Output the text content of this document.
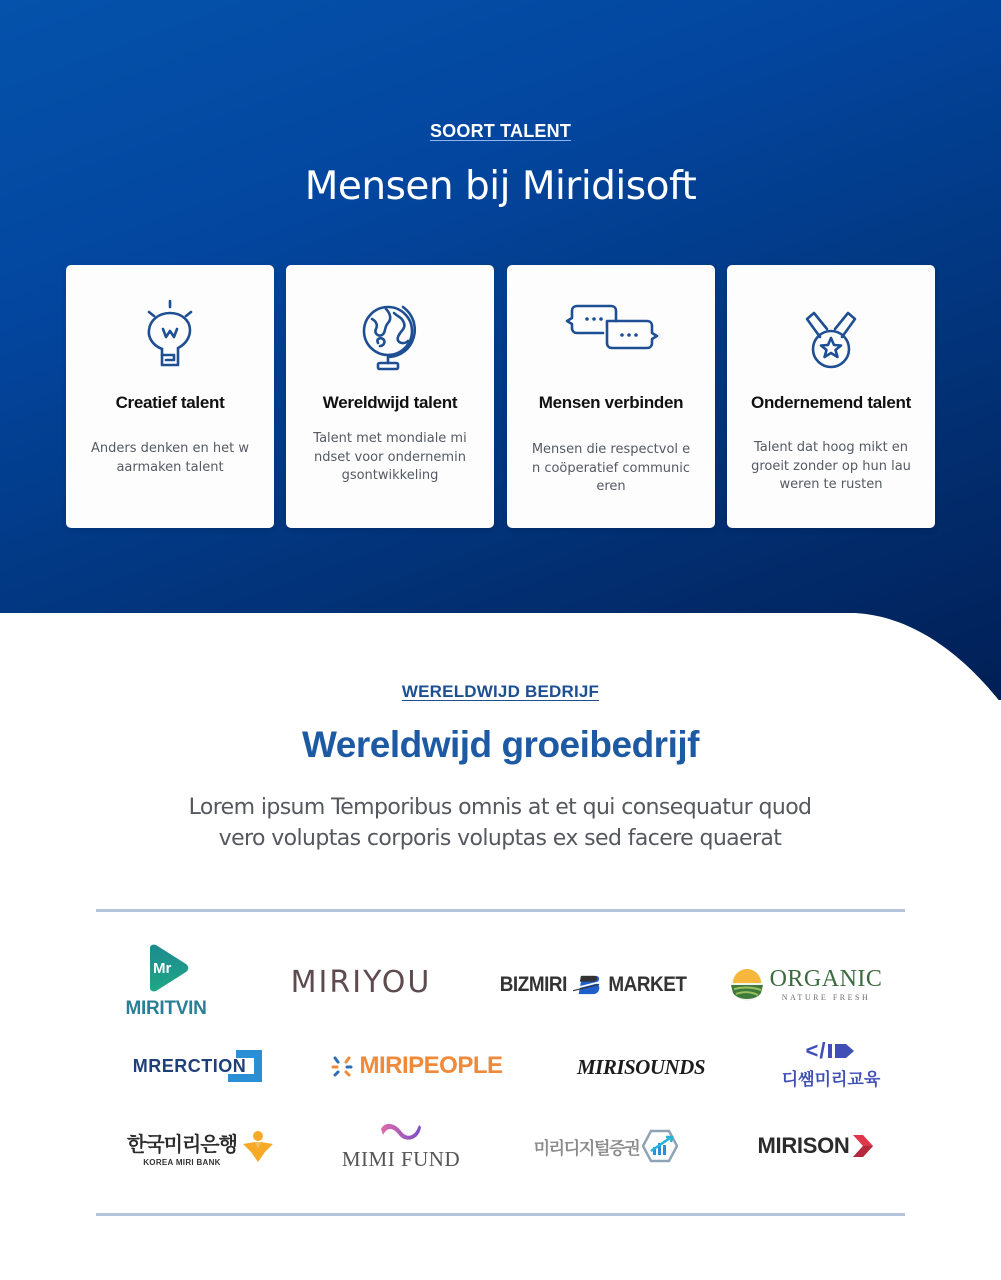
SOORT TALENT
Mensen bij Miridisoft
Creatief talent
Anders denken en het waarmaken talent
Wereldwijd talent
Talent met mondiale mindset voor ondernemingsontwikkeling
Mensen verbinden
Mensen die respectvol en coöperatief communiceren
Ondernemend talent
Talent dat hoog mikt en groeit zonder op hun lauweren te rusten
WERELDWIJD BEDRIJF
Wereldwijd groeibedrijf

Lorem ipsum Temporibus omnis at et qui consequatur quod vero voluptas corporis voluptas ex sed facere quaerat

Mr
MIRITVIN
MIRIYOU	BIZMIRI MARKET	ORGANIC
NATURE FRESH
MRERCTION	MIRIPEOPLE	MIRISOUNDS
</
디쌤미리교육
한국미리은행
KOREA MIRI BANK	MIMI FUND	미리디지털증권	MIRISON
